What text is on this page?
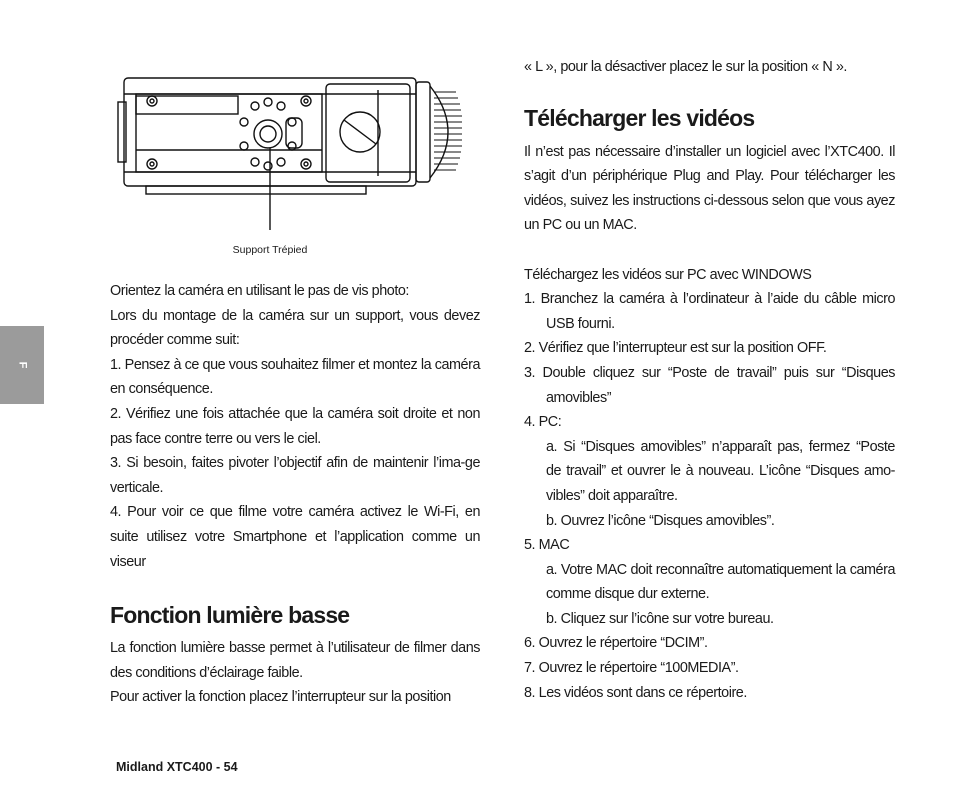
F
Support Trépied

Orientez la caméra en utilisant le pas de vis photo:

Lors du montage de la caméra sur un support, vous devez procéder comme suit:

1. Pensez à ce que vous souhaitez filmer et montez la caméra en conséquence.

2. Vérifiez une fois attachée que la caméra soit droite et non pas face contre terre ou vers le ciel.

3. Si besoin, faites pivoter l’objectif afin de maintenir l’ima-ge verticale.

4. Pour voir ce que filme votre caméra activez le Wi-Fi, en suite utilisez votre Smartphone et l’application comme un viseur

Fonction lumière basse

La fonction lumière basse permet à l’utilisateur de filmer dans des conditions d’éclairage faible.

Pour activer la fonction placez l’interrupteur sur la position

« L », pour la désactiver placez le sur la position « N ».

Télécharger les vidéos

Il n’est pas nécessaire d’installer un logiciel avec l’XTC400. Il s’agit d’un périphérique Plug and Play. Pour télécharger les vidéos, suivez les instructions ci-dessous selon que vous ayez un PC ou un MAC.

Téléchargez les vidéos sur PC avec WINDOWS

1. Branchez la caméra à l’ordinateur à l’aide du câble micro USB fourni.

2. Vérifiez que l’interrupteur est sur la position OFF.

3. Double cliquez sur “Poste de travail” puis sur “Disques amovibles”

4. PC:

a. Si “Disques amovibles” n’apparaît pas, fermez “Poste de travail” et ouvrer le à nouveau. L’icône “Disques amo-vibles” doit apparaître.

b. Ouvrez l’icône “Disques amovibles”.

5. MAC

a. Votre MAC doit reconnaître automatiquement la caméra comme disque dur externe.

b. Cliquez sur l’icône sur votre bureau.

6. Ouvrez le répertoire “DCIM”.

7. Ouvrez le répertoire “100MEDIA”.

8. Les vidéos sont dans ce répertoire.

Midland XTC400 - 54
